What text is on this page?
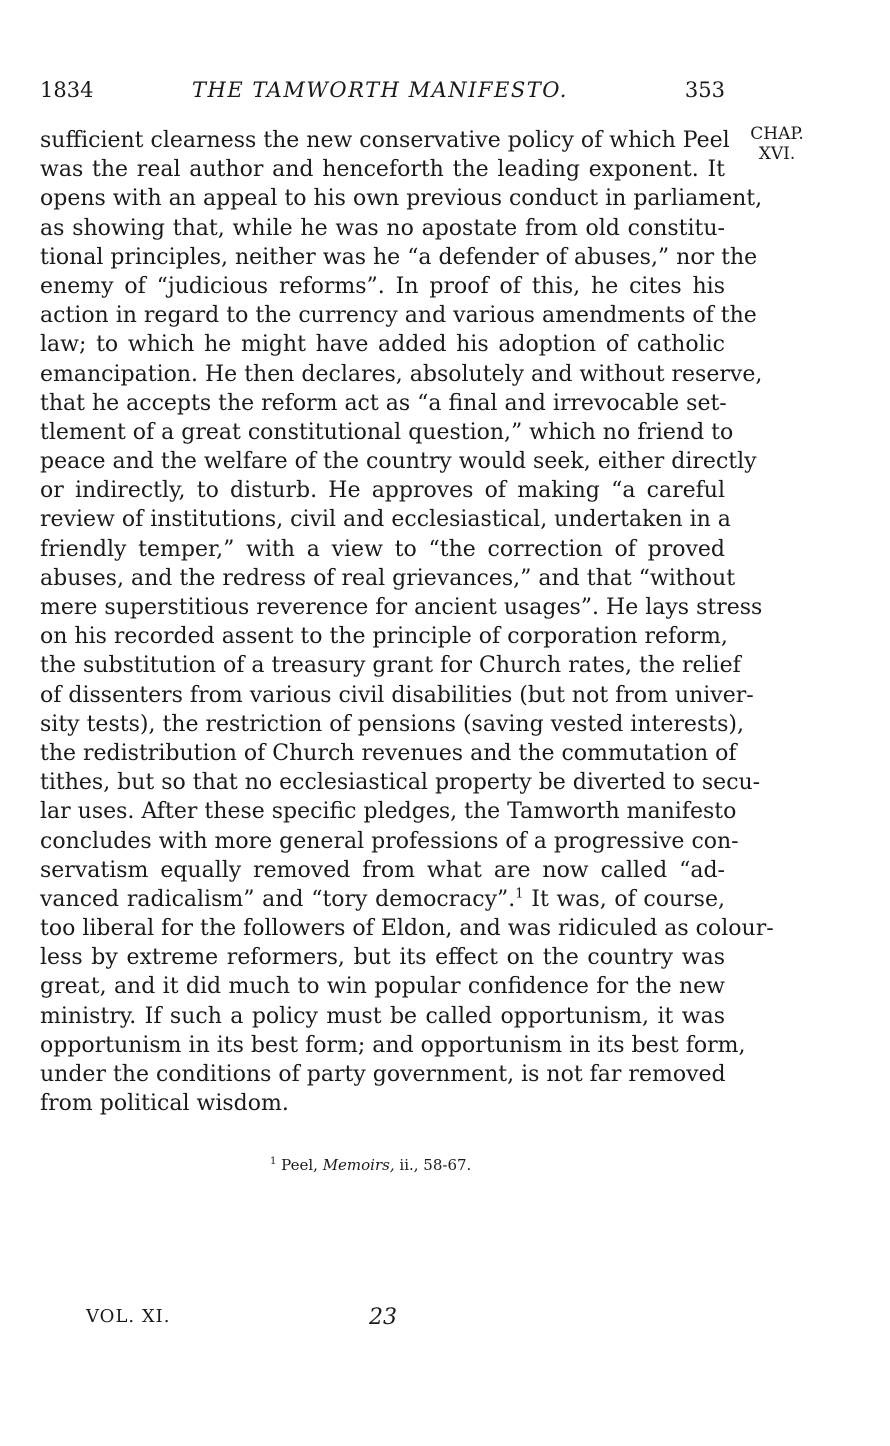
1834	THE TAMWORTH MANIFESTO.	353
CHAP.
XVI.
sufficient clearness the new conservative policy of which Peel
was the real author and henceforth the leading exponent. It
opens with an appeal to his own previous conduct in parliament,
as showing that, while he was no apostate from old constitu-
tional principles, neither was he “a defender of abuses,” nor the
enemy of “judicious reforms”. In proof of this, he cites his
action in regard to the currency and various amendments of the
law; to which he might have added his adoption of catholic
emancipation. He then declares, absolutely and without reserve,
that he accepts the reform act as “a final and irrevocable set-
tlement of a great constitutional question,” which no friend to
peace and the welfare of the country would seek, either directly
or indirectly, to disturb. He approves of making “a careful
review of institutions, civil and ecclesiastical, undertaken in a
friendly temper,” with a view to “the correction of proved
abuses, and the redress of real grievances,” and that “without
mere superstitious reverence for ancient usages”. He lays stress
on his recorded assent to the principle of corporation reform,
the substitution of a treasury grant for Church rates, the relief
of dissenters from various civil disabilities (but not from univer-
sity tests), the restriction of pensions (saving vested interests),
the redistribution of Church revenues and the commutation of
tithes, but so that no ecclesiastical property be diverted to secu-
lar uses. After these specific pledges, the Tamworth manifesto
concludes with more general professions of a progressive con-
servatism equally removed from what are now called “ad-
vanced radicalism” and “tory democracy”.$^1$ It was, of course,
too liberal for the followers of Eldon, and was ridiculed as colour-
less by extreme reformers, but its effect on the country was
great, and it did much to win popular confidence for the new
ministry. If such a policy must be called opportunism, it was
opportunism in its best form; and opportunism in its best form,
under the conditions of party government, is not far removed
from political wisdom.
$^1$ Peel, Memoirs, ii., 58-67.
VOL. XI.	23
